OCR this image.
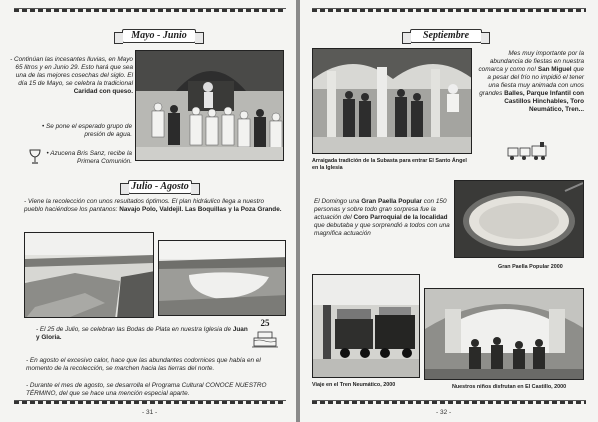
Mayo - Junio
- Continúan las incesantes lluvias, en Mayo 65 litros y en Junio 29. Esto hará que sea una de las mejores cosechas del siglo. El día 15 de Mayo, se celebra la tradicional Caridad con queso.
• Se pone el esperado grupo de presión de agua.
• Azucena Bris Sanz, recibe la Primera Comunión.
Julio - Agosto
- Viene la recolección con unos resultados óptimos. El plan hidráulico llega a nuestro pueblo haciéndose los pantanos: Navajo Polo, Valdejil. Las Boquillas y la Poza Grande.
- El 25 de Julio, se celebran las Bodas de Plata en nuestra Iglesia de Juan y Gloria.
25
- En agosto el excesivo calor, hace que las abundantes codornices que había en el momento de la recolección, se marchen hacia las tierras del norte.
- Durante el mes de agosto, se desarrolla el Programa Cultural CONOCE NUESTRO TÉRMINO, del que se hace una mención especial aparte.
- 31 -
Septiembre
Arraigada tradición de la Subasta para entrar El Santo Ángel en la Iglesia
Mes muy importante por la abundancia de fiestas en nuestra comarca y como no! San Miguel que a pesar del frío no impidió el tener una fiesta muy animada con unos grandes Balles, Parque Infantil con Castillos Hinchables, Toro Neumático, Tren...
El Domingo una Gran Paella Popular con 150 personas y sobre todo gran sorpresa fue la actuación del Coro Parroquial de la localidad que debutaba y que sorprendió a todos con una magnífica actuación
Gran Paella Popular 2000
Viaje en el Tren Neumático, 2000	Nuestros niños disfrutan en El Castillo, 2000
- 32 -
